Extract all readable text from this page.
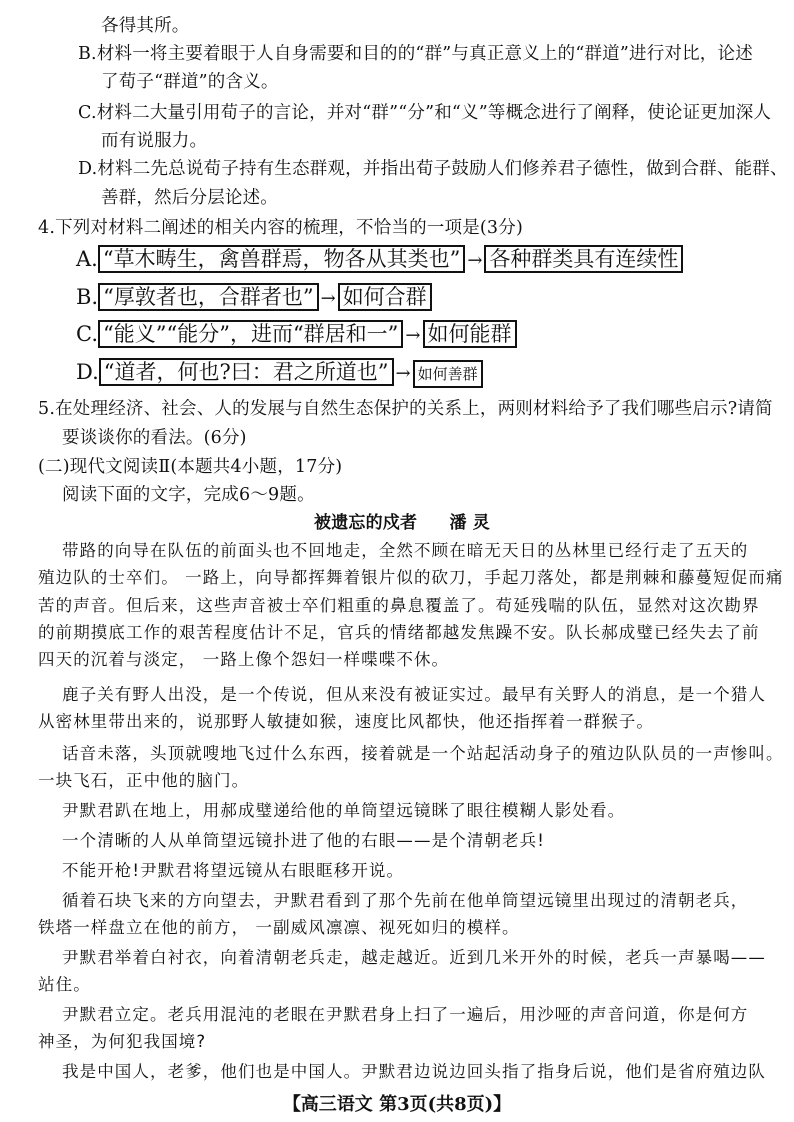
各得其所。
B.材料一将主要着眼于人自身需要和目的的“群”与真正意义上的“群道”进行对比，论述
了荀子“群道”的含义。
C.材料二大量引用荀子的言论，并对“群”“分”和“义”等概念进行了阐释，使论证更加深人
而有说服力。
D.材料二先总说荀子持有生态群观，并指出荀子鼓励人们修养君子德性，做到合群、能群、
善群，然后分层论述。
4.下列对材料二阐述的相关内容的梳理，不恰当的一项是(3分)
A. “草木畴生，禽兽群焉，物各从其类也” → 各种群类具有连续性
B. “厚敦者也，合群者也” → 如何合群
C. “能义”“能分”，进而“群居和一” → 如何能群
D. “道者，何也?曰：君之所道也” → 如何善群
5.在处理经济、社会、人的发展与自然生态保护的关系上，两则材料给予了我们哪些启示?请简
要谈谈你的看法。(6分)
(二)现代文阅读Ⅱ(本题共4小题，17分)
阅读下面的文字，完成6～9题。
被遗忘的戍者 潘 灵
带路的向导在队伍的前面头也不回地走，全然不顾在暗无天日的丛林里已经行走了五天的
殖边队的士卒们。 一路上，向导都挥舞着银片似的砍刀，手起刀落处，都是荆棘和藤蔓短促而痛
苦的声音。但后来，这些声音被士卒们粗重的鼻息覆盖了。苟延残喘的队伍，显然对这次勘界
的前期摸底工作的艰苦程度估计不足，官兵的情绪都越发焦躁不安。队长郝成璧已经失去了前
四天的沉着与淡定， 一路上像个怨妇一样喋喋不休。
鹿子关有野人出没，是一个传说，但从来没有被证实过。最早有关野人的消息，是一个猎人
从密林里带出来的，说那野人敏捷如猴，速度比风都快，他还指挥着一群猴子。
话音未落，头顶就嗖地飞过什么东西，接着就是一个站起活动身子的殖边队队员的一声惨叫。
一块飞石，正中他的脑门。
尹默君趴在地上，用郝成璧递给他的单筒望远镜眯了眼往模糊人影处看。
一个清晰的人从单筒望远镜扑进了他的右眼——是个清朝老兵!
不能开枪!尹默君将望远镜从右眼眶移开说。
循着石块飞来的方向望去，尹默君看到了那个先前在他单筒望远镜里出现过的清朝老兵，
铁塔一样盘立在他的前方， 一副威风凛凛、视死如归的模样。
尹默君举着白衬衣，向着清朝老兵走，越走越近。近到几米开外的时候，老兵一声暴喝——
站住。
尹默君立定。老兵用混沌的老眼在尹默君身上扫了一遍后，用沙哑的声音问道，你是何方
神圣，为何犯我国境?
我是中国人，老爹，他们也是中国人。尹默君边说边回头指了指身后说，他们是省府殖边队
【高三语文 第3页(共8页)】
